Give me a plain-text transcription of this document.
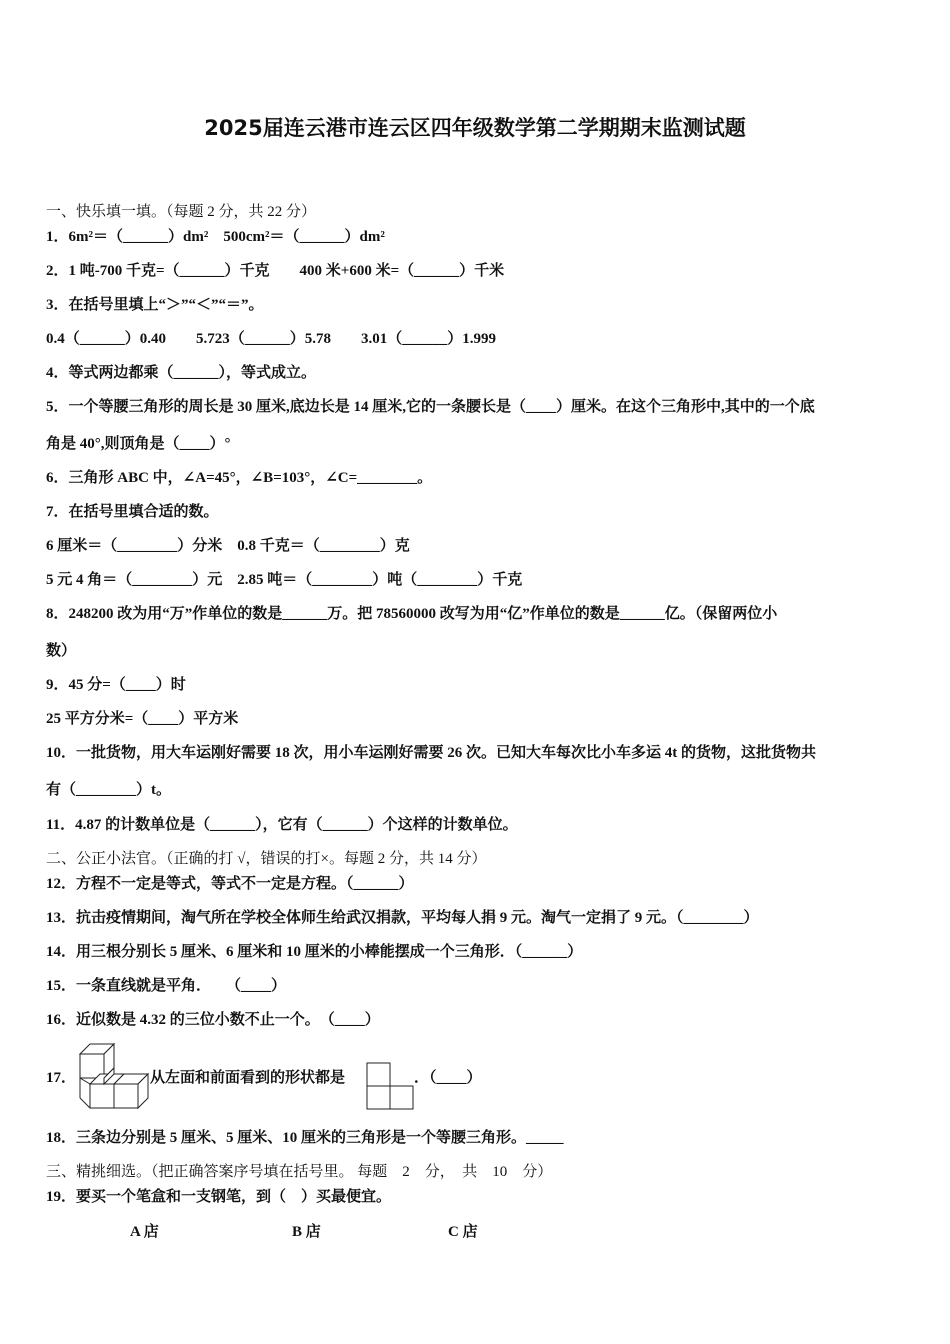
2025届连云港市连云区四年级数学第二学期期末监测试题
一、快乐填一填。（每题 2 分，共 22 分）
1．6m²＝（______）dm²　500cm²＝（______）dm²
2．1 吨-700 千克=（______）千克　　400 米+600 米=（______）千米
3．在括号里填上“＞”“＜”“＝”。
0.4（______）0.40　　5.723（______）5.78　　3.01（______）1.999
4．等式两边都乘（______），等式成立。
5．一个等腰三角形的周长是 30 厘米,底边长是 14 厘米,它的一条腰长是（____）厘米。在这个三角形中,其中的一个底
角是 40°,则顶角是（____）°
6．三角形 ABC 中，∠A=45°，∠B=103°，∠C=________。
7．在括号里填合适的数。
6 厘米＝（________）分米　0.8 千克＝（________）克
5 元 4 角＝（________）元　2.85 吨＝（________）吨（________）千克
8．248200 改为用“万”作单位的数是______万。把 78560000 改写为用“亿”作单位的数是______亿。（保留两位小
数）
9．45 分=（____）时
25 平方分米=（____）平方米
10．一批货物，用大车运刚好需要 18 次，用小车运刚好需要 26 次。已知大车每次比小车多运 4t 的货物，这批货物共
有（________）t。
11．4.87 的计数单位是（______），它有（______）个这样的计数单位。
二、公正小法官。（正确的打 √，错误的打×。每题 2 分，共 14 分）
12．方程不一定是等式，等式不一定是方程。（______）
13．抗击疫情期间，淘气所在学校全体师生给武汉捐款，平均每人捐 9 元。淘气一定捐了 9 元。（________）
14．用三根分别长 5 厘米、6 厘米和 10 厘米的小棒能摆成一个三角形．（______）
15．一条直线就是平角．　　（____）
16．近似数是 4.32 的三位小数不止一个。　（____）
17．	从左面和前面看到的形状都是	．（____）
18．三条边分别是 5 厘米、5 厘米、10 厘米的三角形是一个等腰三角形。_____
三、精挑细选。（把正确答案序号填在括号里。 每题　2　分，　共　10　分）
19．要买一个笔盒和一支钢笔，到（　）买最便宜。
A 店	B 店	C 店
